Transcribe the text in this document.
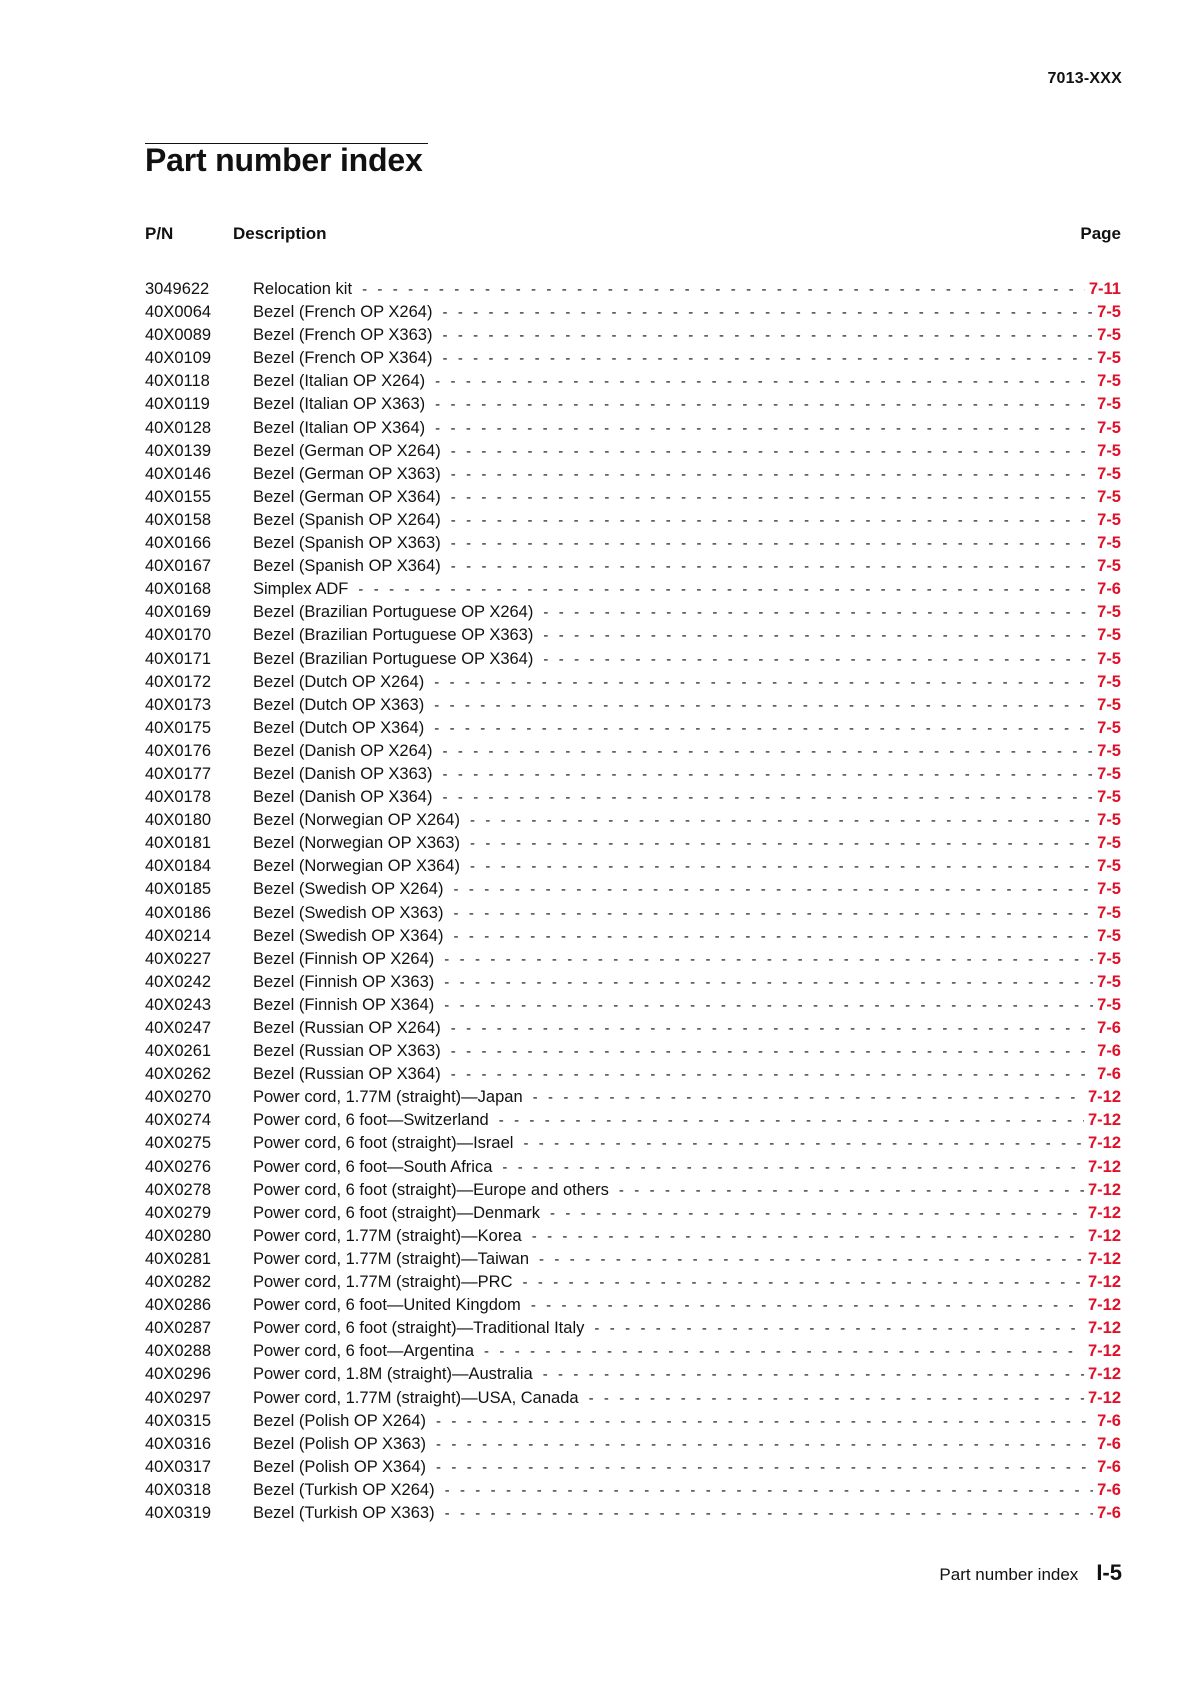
7013-XXX
Part number index
P/N	Description	Page
3049622	Relocation kit - - -	7-11
40X0064	Bezel (French OP X264) - - -	7-5
40X0089	Bezel (French OP X363) - - -	7-5
40X0109	Bezel (French OP X364) - - -	7-5
40X0118	Bezel (Italian OP X264) - - -	7-5
40X0119	Bezel (Italian OP X363) - - -	7-5
40X0128	Bezel (Italian OP X364) - - -	7-5
40X0139	Bezel (German OP X264) - - -	7-5
40X0146	Bezel (German OP X363) - - -	7-5
40X0155	Bezel (German OP X364) - - -	7-5
40X0158	Bezel (Spanish OP X264) - - -	7-5
40X0166	Bezel (Spanish OP X363) - - -	7-5
40X0167	Bezel (Spanish OP X364) - - -	7-5
40X0168	Simplex ADF - - -	7-6
40X0169	Bezel (Brazilian Portuguese OP X264) - - -	7-5
40X0170	Bezel (Brazilian Portuguese OP X363) - - -	7-5
40X0171	Bezel (Brazilian Portuguese OP X364) - - -	7-5
40X0172	Bezel (Dutch OP X264) - - -	7-5
40X0173	Bezel (Dutch OP X363) - - -	7-5
40X0175	Bezel (Dutch OP X364) - - -	7-5
40X0176	Bezel (Danish OP X264) - - -	7-5
40X0177	Bezel (Danish OP X363) - - -	7-5
40X0178	Bezel (Danish OP X364) - - -	7-5
40X0180	Bezel (Norwegian OP X264) - - -	7-5
40X0181	Bezel (Norwegian OP X363) - - -	7-5
40X0184	Bezel (Norwegian OP X364) - - -	7-5
40X0185	Bezel (Swedish OP X264) - - -	7-5
40X0186	Bezel (Swedish OP X363) - - -	7-5
40X0214	Bezel (Swedish OP X364) - - -	7-5
40X0227	Bezel (Finnish OP X264) - - -	7-5
40X0242	Bezel (Finnish OP X363) - - -	7-5
40X0243	Bezel (Finnish OP X364) - - -	7-5
40X0247	Bezel (Russian OP X264) - - -	7-6
40X0261	Bezel (Russian OP X363) - - -	7-6
40X0262	Bezel (Russian OP X364) - - -	7-6
40X0270	Power cord, 1.77M (straight)—Japan - - -	7-12
40X0274	Power cord, 6 foot—Switzerland - - -	7-12
40X0275	Power cord, 6 foot (straight)—Israel - - -	7-12
40X0276	Power cord, 6 foot—South Africa - - -	7-12
40X0278	Power cord, 6 foot (straight)—Europe and others - - -	7-12
40X0279	Power cord, 6 foot (straight)—Denmark - - -	7-12
40X0280	Power cord, 1.77M (straight)—Korea - - -	7-12
40X0281	Power cord, 1.77M (straight)—Taiwan - - -	7-12
40X0282	Power cord, 1.77M (straight)—PRC - - -	7-12
40X0286	Power cord, 6 foot—United Kingdom - - -	7-12
40X0287	Power cord, 6 foot (straight)—Traditional Italy - - -	7-12
40X0288	Power cord, 6 foot—Argentina - - -	7-12
40X0296	Power cord, 1.8M (straight)—Australia - - -	7-12
40X0297	Power cord, 1.77M (straight)—USA, Canada - - -	7-12
40X0315	Bezel (Polish OP X264) - - -	7-6
40X0316	Bezel (Polish OP X363) - - -	7-6
40X0317	Bezel (Polish OP X364) - - -	7-6
40X0318	Bezel (Turkish OP X264) - - -	7-6
40X0319	Bezel (Turkish OP X363) - - -	7-6
Part number index I-5
